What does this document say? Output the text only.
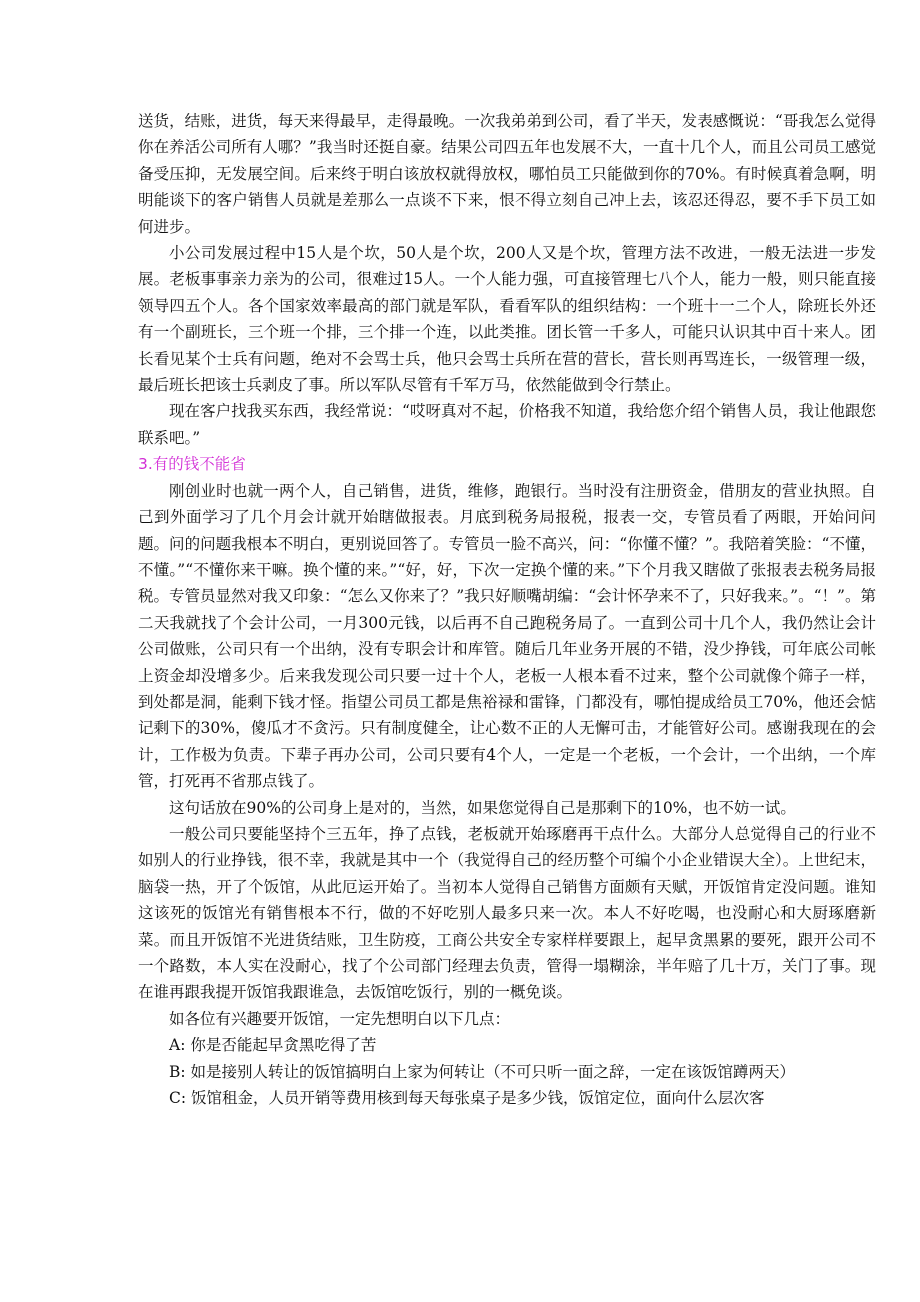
送货，结账，进货，每天来得最早，走得最晚。一次我弟弟到公司，看了半天，发表感慨说：“哥我怎么觉得你在养活公司所有人哪？”我当时还挺自豪。结果公司四五年也发展不大，一直十几个人，而且公司员工感觉备受压抑，无发展空间。后来终于明白该放权就得放权，哪怕员工只能做到你的70%。有时候真着急啊，明明能谈下的客户销售人员就是差那么一点谈不下来，恨不得立刻自己冲上去，该忍还得忍，要不手下员工如何进步。

小公司发展过程中15人是个坎，50人是个坎，200人又是个坎，管理方法不改进，一般无法进一步发展。老板事事亲力亲为的公司，很难过15人。一个人能力强，可直接管理七八个人，能力一般，则只能直接领导四五个人。各个国家效率最高的部门就是军队，看看军队的组织结构：一个班十一二个人，除班长外还有一个副班长，三个班一个排，三个排一个连，以此类推。团长管一千多人，可能只认识其中百十来人。团长看见某个士兵有问题，绝对不会骂士兵，他只会骂士兵所在营的营长，营长则再骂连长，一级管理一级，最后班长把该士兵剥皮了事。所以军队尽管有千军万马，依然能做到令行禁止。

现在客户找我买东西，我经常说：“哎呀真对不起，价格我不知道，我给您介绍个销售人员，我让他跟您联系吧。”

3.有的钱不能省

刚创业时也就一两个人，自己销售，进货，维修，跑银行。当时没有注册资金，借朋友的营业执照。自己到外面学习了几个月会计就开始瞎做报表。月底到税务局报税，报表一交，专管员看了两眼，开始问问题。问的问题我根本不明白，更别说回答了。专管员一脸不高兴，问：“你懂不懂？”。我陪着笑脸：“不懂，不懂。”“不懂你来干嘛。换个懂的来。”“好，好，下次一定换个懂的来。”下个月我又瞎做了张报表去税务局报税。专管员显然对我又印象：“怎么又你来了？”我只好顺嘴胡编：“会计怀孕来不了，只好我来。”。“！”。第二天我就找了个会计公司，一月300元钱，以后再不自己跑税务局了。一直到公司十几个人，我仍然让会计公司做账，公司只有一个出纳，没有专职会计和库管。随后几年业务开展的不错，没少挣钱，可年底公司帐上资金却没增多少。后来我发现公司只要一过十个人，老板一人根本看不过来，整个公司就像个筛子一样，到处都是洞，能剩下钱才怪。指望公司员工都是焦裕禄和雷锋，门都没有，哪怕提成给员工70%，他还会惦记剩下的30%，傻瓜才不贪污。只有制度健全，让心数不正的人无懈可击，才能管好公司。感谢我现在的会计，工作极为负责。下辈子再办公司，公司只要有4个人，一定是一个老板，一个会计，一个出纳，一个库管，打死再不省那点钱了。

这句话放在90%的公司身上是对的，当然，如果您觉得自己是那剩下的10%，也不妨一试。

一般公司只要能坚持个三五年，挣了点钱，老板就开始琢磨再干点什么。大部分人总觉得自己的行业不如别人的行业挣钱，很不幸，我就是其中一个（我觉得自己的经历整个可编个小企业错误大全）。上世纪末，脑袋一热，开了个饭馆，从此厄运开始了。当初本人觉得自己销售方面颇有天赋，开饭馆肯定没问题。谁知这该死的饭馆光有销售根本不行，做的不好吃别人最多只来一次。本人不好吃喝，也没耐心和大厨琢磨新菜。而且开饭馆不光进货结账，卫生防疫，工商公共安全专家样样要跟上，起早贪黑累的要死，跟开公司不一个路数，本人实在没耐心，找了个公司部门经理去负责，管得一塌糊涂，半年赔了几十万，关门了事。现在谁再跟我提开饭馆我跟谁急，去饭馆吃饭行，别的一概免谈。

如各位有兴趣要开饭馆，一定先想明白以下几点：

A: 你是否能起早贪黑吃得了苦

B: 如是接别人转让的饭馆搞明白上家为何转让（不可只听一面之辞，一定在该饭馆蹲两天）

C: 饭馆租金，人员开销等费用核到每天每张桌子是多少钱，饭馆定位，面向什么层次客
